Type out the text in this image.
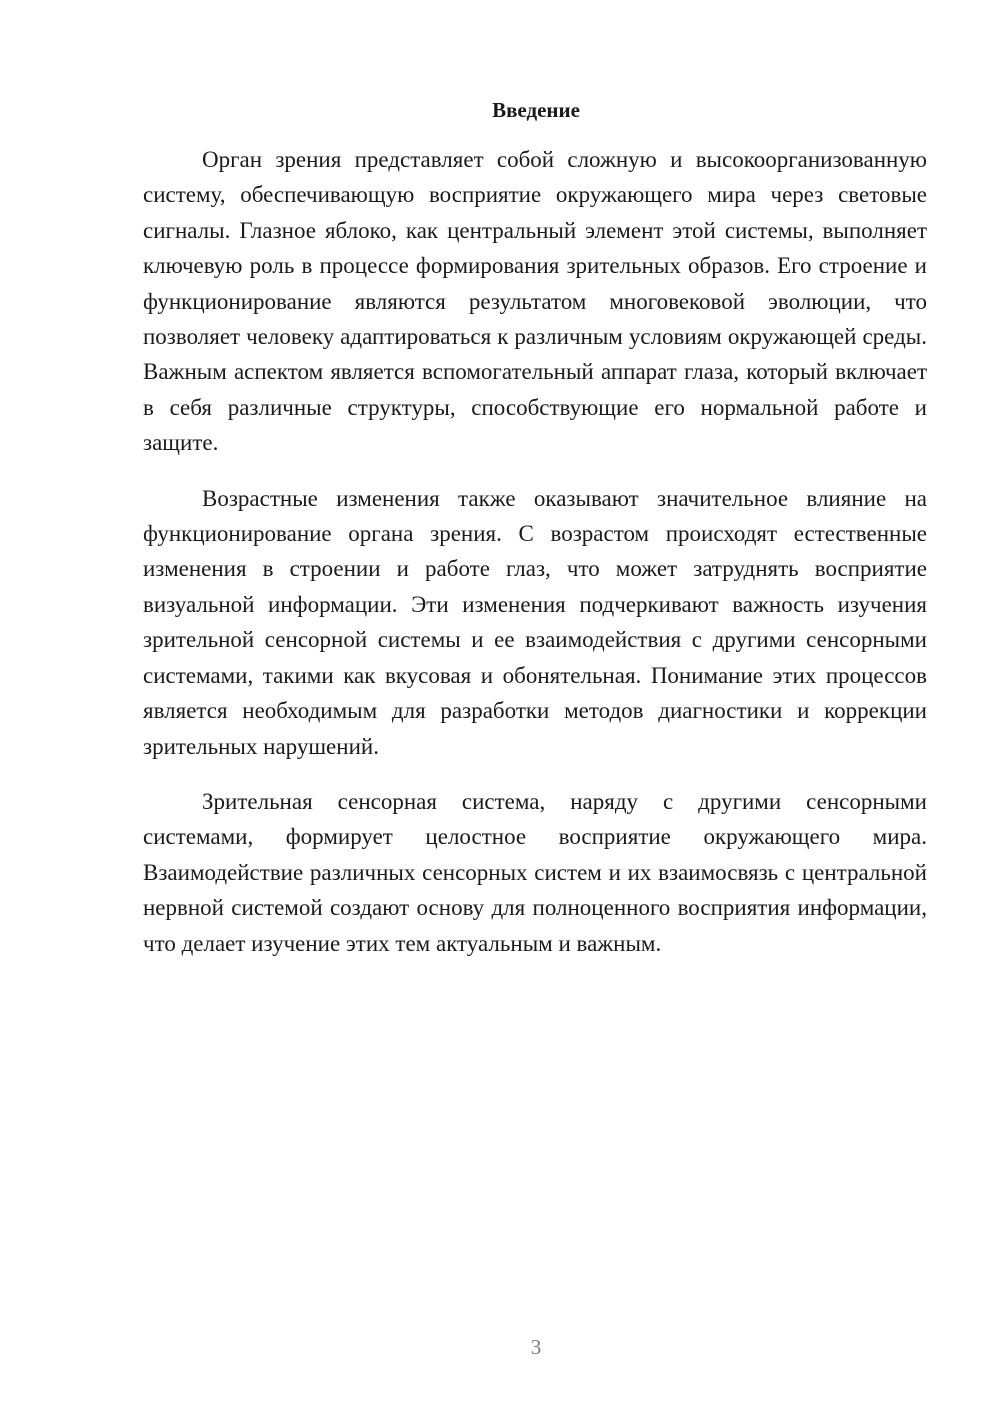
Введение

Орган зрения представляет собой сложную и высокоорганизованную систему, обеспечивающую восприятие окружающего мира через световые сигналы. Глазное яблоко, как центральный элемент этой системы, выполняет ключевую роль в процессе формирования зрительных образов. Его строение и функционирование являются результатом многовековой эволюции, что позволяет человеку адаптироваться к различным условиям окружающей среды. Важным аспектом является вспомогательный аппарат глаза, который включает в себя различные структуры, способствующие его нормальной работе и защите.

Возрастные изменения также оказывают значительное влияние на функционирование органа зрения. С возрастом происходят естественные изменения в строении и работе глаз, что может затруднять восприятие визуальной информации. Эти изменения подчеркивают важность изучения зрительной сенсорной системы и ее взаимодействия с другими сенсорными системами, такими как вкусовая и обонятельная. Понимание этих процессов является необходимым для разработки методов диагностики и коррекции зрительных нарушений.

Зрительная сенсорная система, наряду с другими сенсорными системами, формирует целостное восприятие окружающего мира. Взаимодействие различных сенсорных систем и их взаимосвязь с центральной нервной системой создают основу для полноценного восприятия информации, что делает изучение этих тем актуальным и важным.

3
